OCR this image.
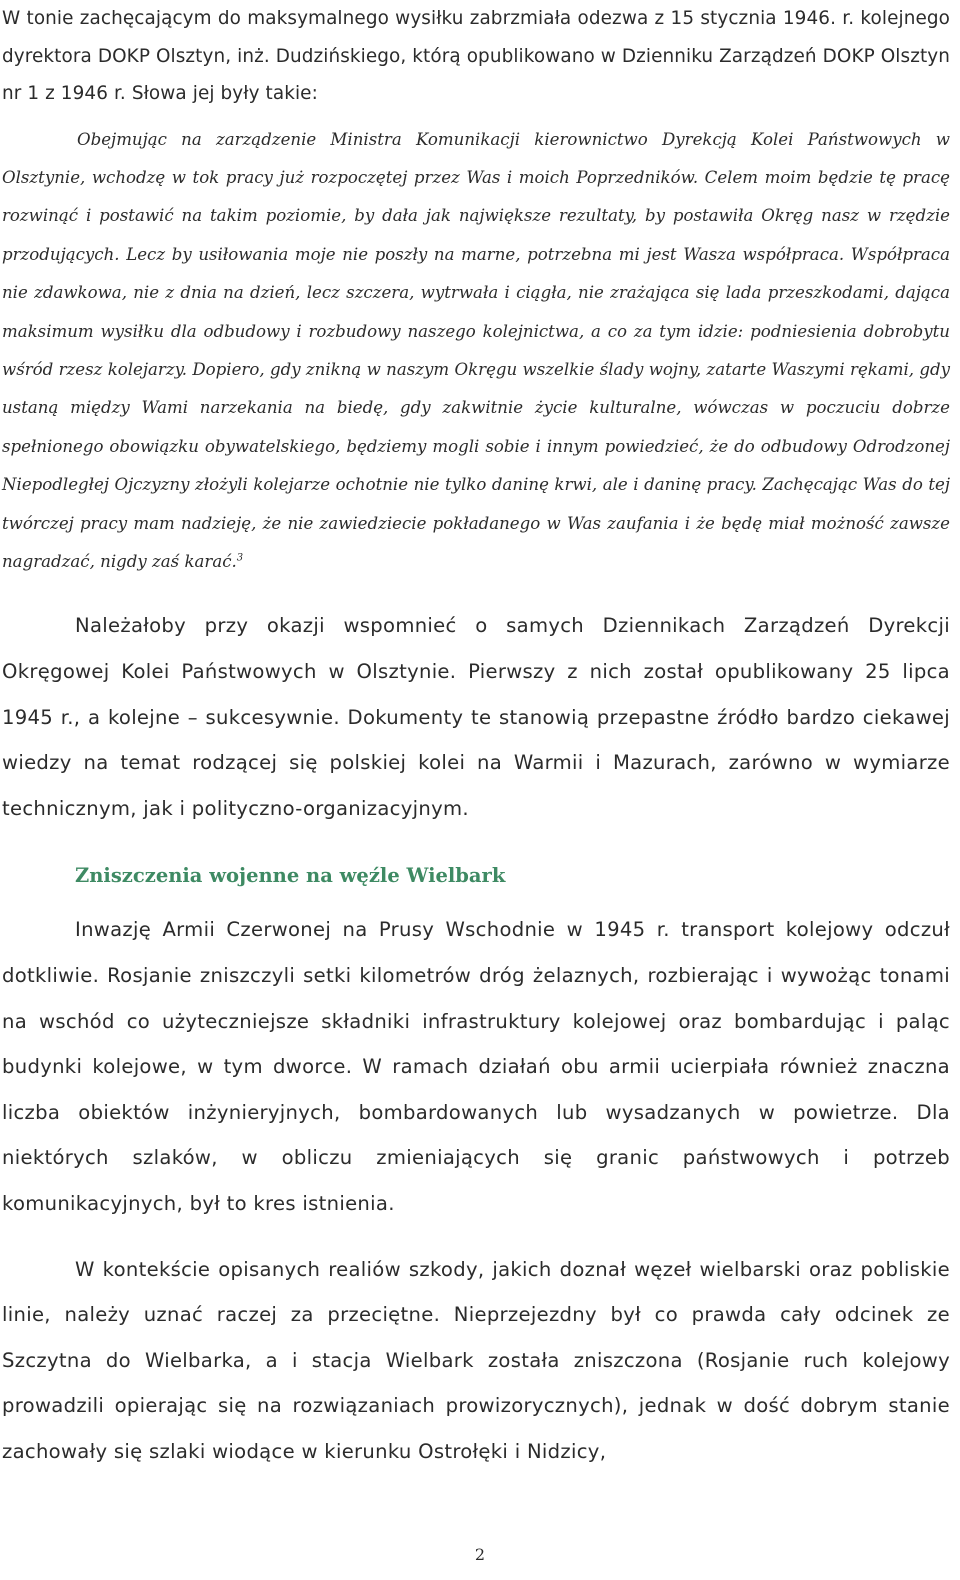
W tonie zachęcającym do maksymalnego wysiłku zabrzmiała odezwa z 15 stycznia 1946. r. kolejnego dyrektora DOKP Olsztyn, inż. Dudzińskiego, którą opublikowano w Dzienniku Zarządzeń DOKP Olsztyn nr 1 z 1946 r. Słowa jej były takie:

Obejmując na zarządzenie Ministra Komunikacji kierownictwo Dyrekcją Kolei Państwowych w Olsztynie, wchodzę w tok pracy już rozpoczętej przez Was i moich Poprzedników. Celem moim będzie tę pracę rozwinąć i postawić na takim poziomie, by dała jak największe rezultaty, by postawiła Okręg nasz w rzędzie przodujących. Lecz by usiłowania moje nie poszły na marne, potrzebna mi jest Wasza współpraca. Współpraca nie zdawkowa, nie z dnia na dzień, lecz szczera, wytrwała i ciągła, nie zrażająca się lada przeszkodami, dająca maksimum wysiłku dla odbudowy i rozbudowy naszego kolejnictwa, a co za tym idzie: podniesienia dobrobytu wśród rzesz kolejarzy. Dopiero, gdy znikną w naszym Okręgu wszelkie ślady wojny, zatarte Waszymi rękami, gdy ustaną między Wami narzekania na biedę, gdy zakwitnie życie kulturalne, wówczas w poczuciu dobrze spełnionego obowiązku obywatelskiego, będziemy mogli sobie i innym powiedzieć, że do odbudowy Odrodzonej Niepodległej Ojczyzny złożyli kolejarze ochotnie nie tylko daninę krwi, ale i daninę pracy. Zachęcając Was do tej twórczej pracy mam nadzieję, że nie zawiedziecie pokładanego w Was zaufania i że będę miał możność zawsze nagradzać, nigdy zaś karać.$^3$

Należałoby przy okazji wspomnieć o samych Dziennikach Zarządzeń Dyrekcji Okręgowej Kolei Państwowych w Olsztynie. Pierwszy z nich został opublikowany 25 lipca 1945 r., a kolejne – sukcesywnie. Dokumenty te stanowią przepastne źródło bardzo ciekawej wiedzy na temat rodzącej się polskiej kolei na Warmii i Mazurach, zarówno w wymiarze technicznym, jak i polityczno-organizacyjnym.

Zniszczenia wojenne na węźle Wielbark

Inwazję Armii Czerwonej na Prusy Wschodnie w 1945 r. transport kolejowy odczuł dotkliwie. Rosjanie zniszczyli setki kilometrów dróg żelaznych, rozbierając i wywożąc tonami na wschód co użyteczniejsze składniki infrastruktury kolejowej oraz bombardując i paląc budynki kolejowe, w tym dworce. W ramach działań obu armii ucierpiała również znaczna liczba obiektów inżynieryjnych, bombardowanych lub wysadzanych w powietrze. Dla niektórych szlaków, w obliczu zmieniających się granic państwowych i potrzeb komunikacyjnych, był to kres istnienia.

W kontekście opisanych realiów szkody, jakich doznał węzeł wielbarski oraz pobliskie linie, należy uznać raczej za przeciętne. Nieprzejezdny był co prawda cały odcinek ze Szczytna do Wielbarka, a i stacja Wielbark została zniszczona (Rosjanie ruch kolejowy prowadzili opierając się na rozwiązaniach prowizorycznych), jednak w dość dobrym stanie zachowały się szlaki wiodące w kierunku Ostrołęki i Nidzicy,

2
